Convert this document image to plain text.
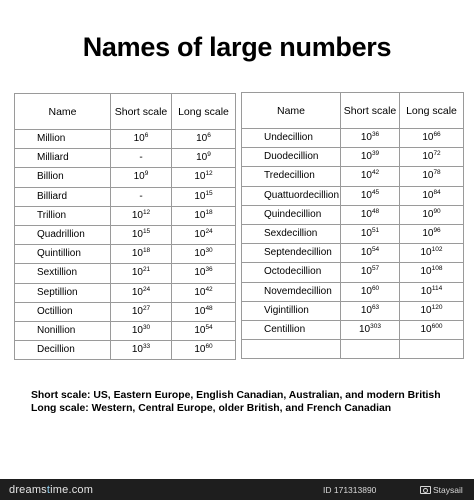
Names of large numbers
Name	Short scale	Long scale
Million	$10^6$	$10^6$
Milliard	-	$10^9$
Billion	$10^9$	$10^{12}$
Billiard	-	$10^{15}$
Trillion	$10^{12}$	$10^{18}$
Quadrillion	$10^{15}$	$10^{24}$
Quintillion	$10^{18}$	$10^{30}$
Sextillion	$10^{21}$	$10^{36}$
Septillion	$10^{24}$	$10^{42}$
Octillion	$10^{27}$	$10^{48}$
Nonillion	$10^{30}$	$10^{54}$
Decillion	$10^{33}$	$10^{60}$
Name	Short scale	Long scale
Undecillion	$10^{36}$	$10^{66}$
Duodecillion	$10^{39}$	$10^{72}$
Tredecillion	$10^{42}$	$10^{78}$
Quattuordecillion	$10^{45}$	$10^{84}$
Quindecillion	$10^{48}$	$10^{90}$
Sexdecillion	$10^{51}$	$10^{96}$
Septendecillion	$10^{54}$	$10^{102}$
Octodecillion	$10^{57}$	$10^{108}$
Novemdecillion	$10^{60}$	$10^{114}$
Vigintillion	$10^{63}$	$10^{120}$
Centillion	$10^{303}$	$10^{600}$

Short scale: US, Eastern Europe, English Canadian, Australian, and modern British
Long scale: Western, Central Europe, older British, and French Canadian
dreamstime.com	ID 171313890	Staysail
